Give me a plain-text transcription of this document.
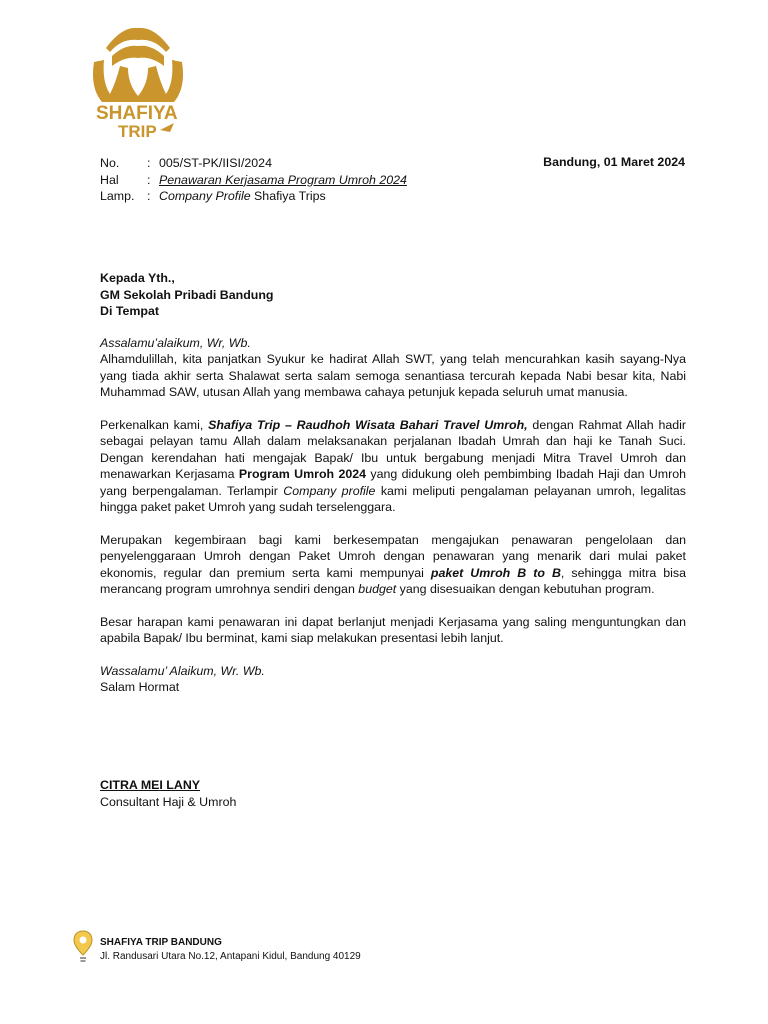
SHAFIYA
TRIP
No.	: 005/ST-PK/IISI/2024
Hal	: Penawaran Kerjasama Program Umroh 2024
Lamp.	: Company Profile Shafiya Trips
Bandung, 01 Maret 2024
Kepada Yth.,
GM Sekolah Pribadi Bandung
Di Tempat
Assalamu’alaikum, Wr, Wb.

Alhamdulillah, kita panjatkan Syukur ke hadirat Allah SWT, yang telah mencurahkan kasih sayang-Nya yang tiada akhir serta Shalawat serta salam semoga senantiasa tercurah kepada Nabi besar kita, Nabi Muhammad SAW, utusan Allah yang membawa cahaya petunjuk kepada seluruh umat manusia.

Perkenalkan kami, Shafiya Trip – Raudhoh Wisata Bahari Travel Umroh, dengan Rahmat Allah hadir sebagai pelayan tamu Allah dalam melaksanakan perjalanan Ibadah Umrah dan haji ke Tanah Suci. Dengan kerendahan hati mengajak Bapak/ Ibu untuk bergabung menjadi Mitra Travel Umroh dan menawarkan Kerjasama Program Umroh 2024 yang didukung oleh pembimbing Ibadah Haji dan Umroh yang berpengalaman. Terlampir Company profile kami meliputi pengalaman pelayanan umroh, legalitas hingga paket paket Umroh yang sudah terselenggara.

Merupakan kegembiraan bagi kami berkesempatan mengajukan penawaran pengelolaan dan penyelenggaraan Umroh dengan Paket Umroh dengan penawaran yang menarik dari mulai paket ekonomis, regular dan premium serta kami mempunyai paket Umroh B to B, sehingga mitra bisa merancang program umrohnya sendiri dengan budget yang disesuaikan dengan kebutuhan program.

Besar harapan kami penawaran ini dapat berlanjut menjadi Kerjasama yang saling menguntungkan dan apabila Bapak/ Ibu berminat, kami siap melakukan presentasi lebih lanjut.

Wassalamu’ Alaikum, Wr. Wb.
Salam Hormat
CITRA MEI LANY
Consultant Haji & Umroh
SHAFIYA TRIP BANDUNG
Jl. Randusari Utara No.12, Antapani Kidul, Bandung 40129
